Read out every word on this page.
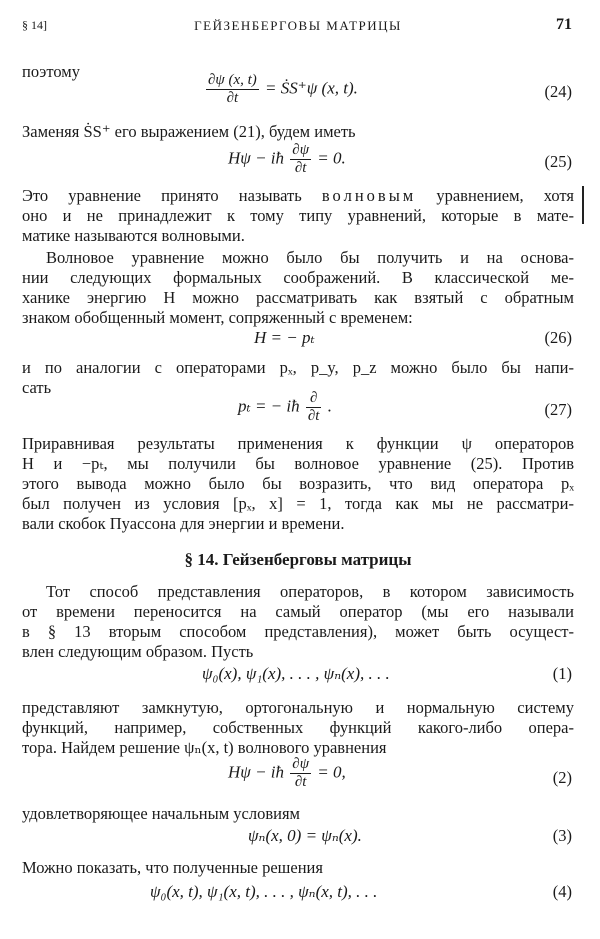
§ 14]	ГЕЙЗЕНБЕРГОВЫ МАТРИЦЫ	71
поэтому
$\frac{\partial\psi (x, t)}{\partial t}$ = ṠS⁺ψ (x, t).	(24)
Заменяя ṠS⁺ его выражением (21), будем иметь
Hψ − iħ $\frac{\partial\psi}{\partial t} = 0$.	(25)
Это уравнение принято называть волновым уравнением, хотя
оно и не принадлежит к тому типу уравнений, которые в мате-
матике называются волновыми.
Волновое уравнение можно было бы получить и на основа-
нии следующих формальных соображений. В классической ме-
ханике энергию H можно рассматривать как взятый с обратным
знаком обобщенный момент, сопряженный с временем:
H = − pₜ	(26)
и по аналогии с операторами pₓ, p_y, p_z можно было бы напи-
сать
pₜ = − iħ $\frac{\partial}{\partial t}$ .	(27)
Приравнивая результаты применения к функции ψ операторов
H и −pₜ, мы получили бы волновое уравнение (25). Против
этого вывода можно было бы возразить, что вид оператора pₓ
был получен из условия [pₓ, x] = 1, тогда как мы не рассматри-
вали скобок Пуассона для энергии и времени.
§ 14. Гейзенберговы матрицы
Тот способ представления операторов, в котором зависимость
от времени переносится на самый оператор (мы его называли
в § 13 вторым способом представления), может быть осущест-
влен следующим образом. Пусть
ψ₀(x), ψ₁(x), . . . , ψₙ(x), . . .	(1)
представляют замкнутую, ортогональную и нормальную систему
функций, например, собственных функций какого-либо опера-
тора. Найдем решение ψₙ(x, t) волнового уравнения
Hψ − iħ $\frac{\partial\psi}{\partial t} = 0$,	(2)
удовлетворяющее начальным условиям
ψₙ(x, 0) = ψₙ(x).	(3)
Можно показать, что полученные решения
ψ₀(x, t), ψ₁(x, t), . . . , ψₙ(x, t), . . .	(4)
